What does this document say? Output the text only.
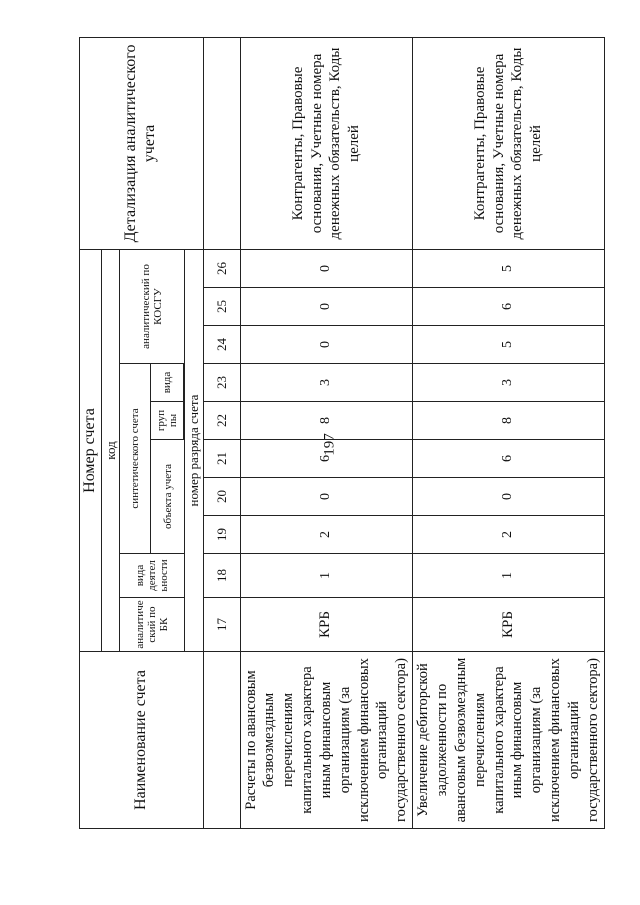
197
Наименование счета	Номер счета										Детализация аналитического учета
	код										
	аналитиче ский по БК	вида деятел ьности	синтетического счета					аналитический по КОСГУ			
			объекта учета			груп пы	вида				

	номер разряда счета										
	17	18	19	20	21	22	23	24	25	26	
Расчеты по авансовым безвозмездным перечислениям капитального характера иным финансовым организациям (за исключением финансовых организаций государственного сектора)	КРБ	1	2	0	6	8	3	0	0	0	Контрагенты, Правовые основания, Учетные номера денежных обязательств, Коды целей
Увеличение дебиторской задолженности по авансовым безвозмездным перечислениям капитального характера иным финансовым организациям (за исключением финансовых организаций государственного сектора)	КРБ	1	2	0	6	8	3	5	6	5	Контрагенты, Правовые основания, Учетные номера денежных обязательств, Коды целей
